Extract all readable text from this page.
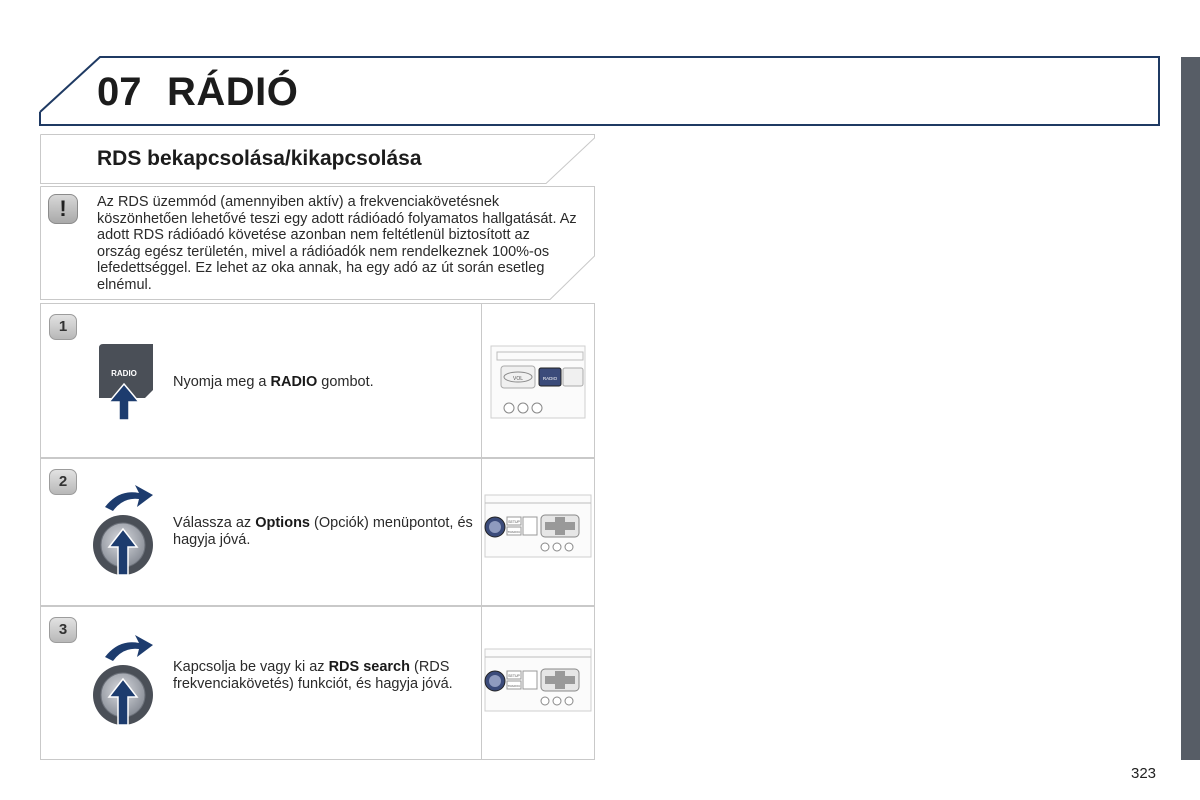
07 RÁDIÓ
RDS bekapcsolása/kikapcsolása
!	Az RDS üzemmód (amennyiben aktív) a frekvenciakövetésnek köszönhetően lehetővé teszi egy adott rádióadó folyamatos hallgatását. Az adott RDS rádióadó követése azonban nem feltétlenül biztosított az ország egész területén, mivel a rádióadók nem rendelkeznek 100%-os lefedettséggel. Ez lehet az oka annak, ha egy adó az út során esetleg elnémul.
1
RADIO
Nyomja meg a RADIO gombot.	VOL	RADIO
2
Válassza az Options (Opciók) menüpontot, és hagyja jóvá.
SETUP
TRAFFIC
3
Kapcsolja be vagy ki az RDS search (RDS frekvenciakövetés) funkciót, és hagyja jóvá.	SETUP
TRAFFIC
323
